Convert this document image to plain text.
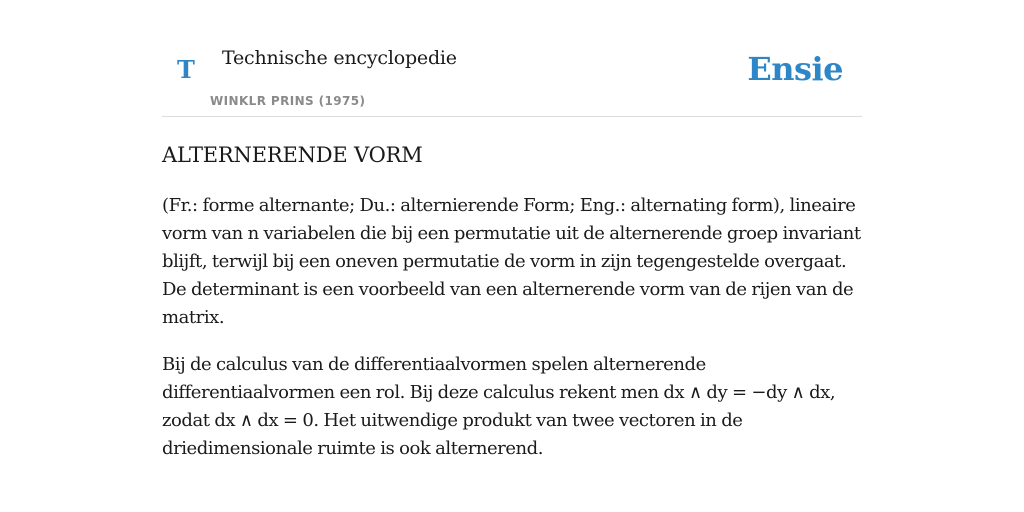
T Technische encyclopedie
WINKLR PRINS (1975)
Ensie
ALTERNERENDE VORM

(Fr.: forme alternante; Du.: alternierende Form; Eng.: alternating form), lineaire vorm van n variabelen die bij een permutatie uit de alternerende groep invariant blijft, terwijl bij een oneven permutatie de vorm in zijn tegengestelde overgaat. De determinant is een voorbeeld van een alternerende vorm van de rijen van de matrix.

Bij de calculus van de differentiaalvormen spelen alternerende differentiaalvormen een rol. Bij deze calculus rekent men dx ∧ dy = −dy ∧ dx, zodat dx ∧ dx = 0. Het uitwendige produkt van twee vectoren in de driedimensionale ruimte is ook alternerend.
